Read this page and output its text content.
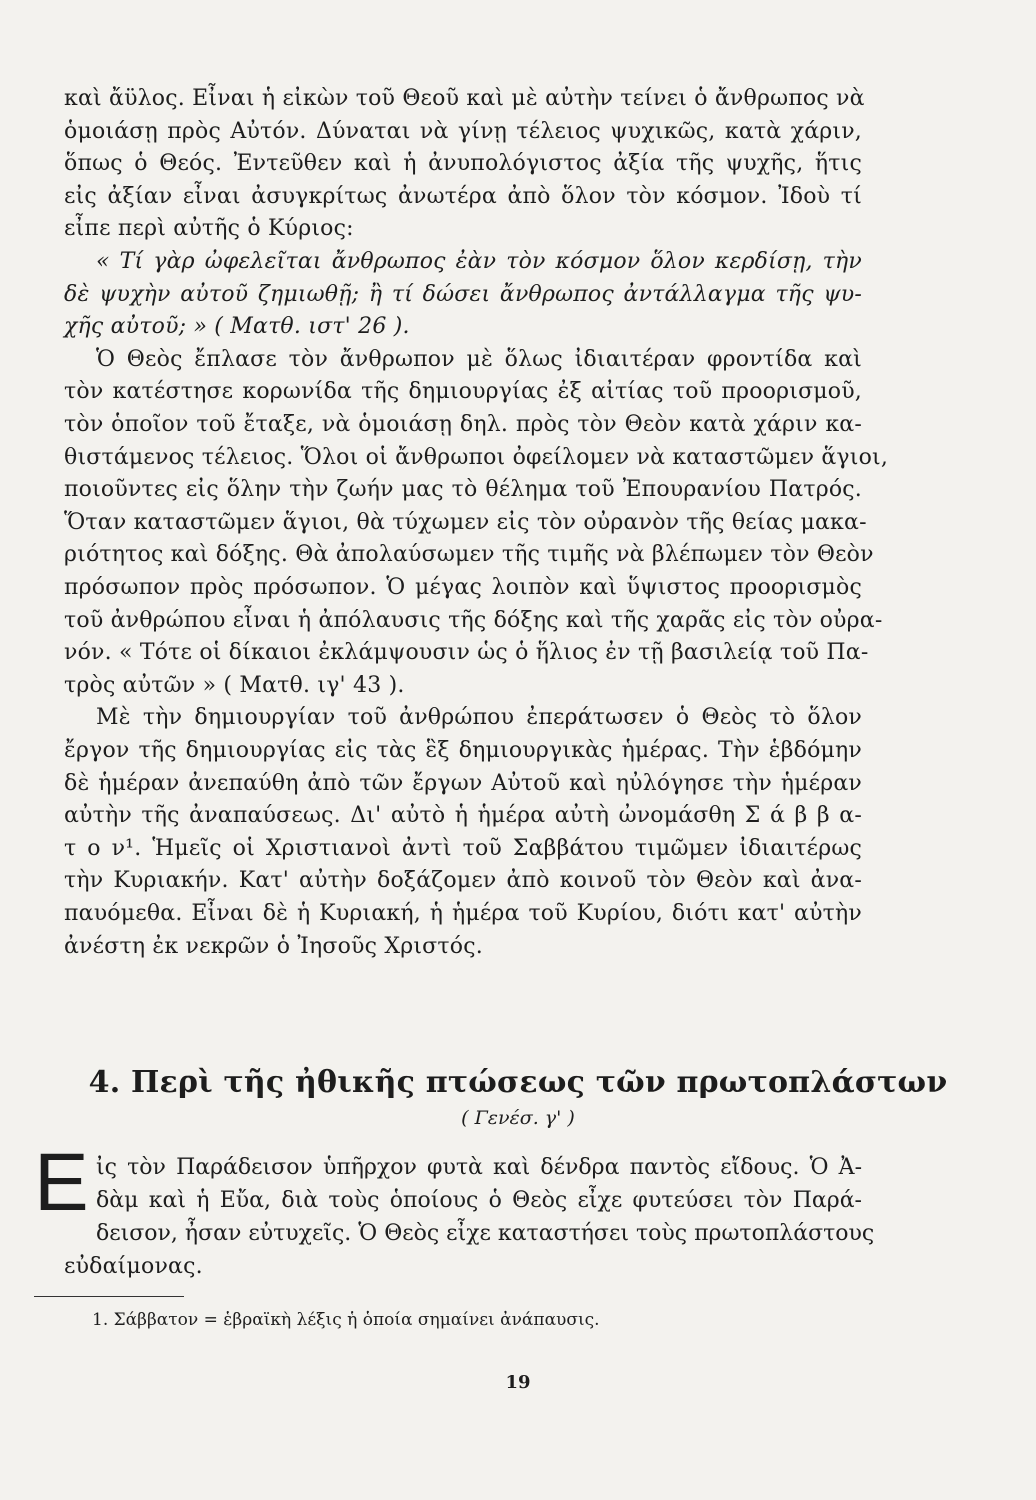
καὶ ἄϋλος. Εἶναι ἡ εἰκὼν τοῦ Θεοῦ καὶ μὲ αὐτὴν τείνει ὁ ἄνθρωπος νὰ
ὁμοιάσῃ πρὸς Αὐτόν. Δύναται νὰ γίνῃ τέλειος ψυχικῶς, κατὰ χάριν,
ὅπως ὁ Θεός. Ἐντεῦθεν καὶ ἡ ἀνυπολόγιστος ἀξία τῆς ψυχῆς, ἥτις
εἰς ἀξίαν εἶναι ἀσυγκρίτως ἀνωτέρα ἀπὸ ὅλον τὸν κόσμον. Ἰδοὺ τί
εἶπε περὶ αὐτῆς ὁ Κύριος:
« Τί γὰρ ὠφελεῖται ἄνθρωπος ἐὰν τὸν κόσμον ὅλον κερδίσῃ, τὴν
δὲ ψυχὴν αὐτοῦ ζημιωθῇ; ἢ τί δώσει ἄνθρωπος ἀντάλλαγμα τῆς ψυ-
χῆς αὐτοῦ; » ( Ματθ. ιστ' 26 ).
Ὁ Θεὸς ἔπλασε τὸν ἄνθρωπον μὲ ὅλως ἰδιαιτέραν φροντίδα καὶ
τὸν κατέστησε κορωνίδα τῆς δημιουργίας ἐξ αἰτίας τοῦ προορισμοῦ,
τὸν ὁποῖον τοῦ ἔταξε, νὰ ὁμοιάσῃ δηλ. πρὸς τὸν Θεὸν κατὰ χάριν κα-
θιστάμενος τέλειος. Ὅλοι οἱ ἄνθρωποι ὀφείλομεν νὰ καταστῶμεν ἅγιοι,
ποιοῦντες εἰς ὅλην τὴν ζωήν μας τὸ θέλημα τοῦ Ἐπουρανίου Πατρός.
Ὅταν καταστῶμεν ἅγιοι, θὰ τύχωμεν εἰς τὸν οὐρανὸν τῆς θείας μακα-
ριότητος καὶ δόξης. Θὰ ἀπολαύσωμεν τῆς τιμῆς νὰ βλέπωμεν τὸν Θεὸν
πρόσωπον πρὸς πρόσωπον. Ὁ μέγας λοιπὸν καὶ ὕψιστος προορισμὸς
τοῦ ἀνθρώπου εἶναι ἡ ἀπόλαυσις τῆς δόξης καὶ τῆς χαρᾶς εἰς τὸν οὐρα-
νόν. « Τότε οἱ δίκαιοι ἐκλάμψουσιν ὡς ὁ ἥλιος ἐν τῇ βασιλείᾳ τοῦ Πα-
τρὸς αὐτῶν » ( Ματθ. ιγ' 43 ).
Μὲ τὴν δημιουργίαν τοῦ ἀνθρώπου ἐπεράτωσεν ὁ Θεὸς τὸ ὅλον
ἔργον τῆς δημιουργίας εἰς τὰς ἓξ δημιουργικὰς ἡμέρας. Τὴν ἑβδόμην
δὲ ἡμέραν ἀνεπαύθη ἀπὸ τῶν ἔργων Αὐτοῦ καὶ ηὐλόγησε τὴν ἡμέραν
αὐτὴν τῆς ἀναπαύσεως. Δι' αὐτὸ ἡ ἡμέρα αὐτὴ ὠνομάσθη Σ ά β β α-
τ ο ν¹. Ἡμεῖς οἱ Χριστιανοὶ ἀντὶ τοῦ Σαββάτου τιμῶμεν ἰδιαιτέρως
τὴν Κυριακήν. Κατ' αὐτὴν δοξάζομεν ἀπὸ κοινοῦ τὸν Θεὸν καὶ ἀνα-
παυόμεθα. Εἶναι δὲ ἡ Κυριακή, ἡ ἡμέρα τοῦ Κυρίου, διότι κατ' αὐτὴν
ἀνέστη ἐκ νεκρῶν ὁ Ἰησοῦς Χριστός.
4. Περὶ τῆς ἠθικῆς πτώσεως τῶν πρωτοπλάστων
( Γενέσ. γ' )
Ε ἰς τὸν Παράδεισον ὑπῆρχον φυτὰ καὶ δένδρα παντὸς εἴδους. Ὁ Ἀ-
δὰμ καὶ ἡ Εὔα, διὰ τοὺς ὁποίους ὁ Θεὸς εἶχε φυτεύσει τὸν Παρά-
δεισον, ἦσαν εὐτυχεῖς. Ὁ Θεὸς εἶχε καταστήσει τοὺς πρωτοπλάστους
εὐδαίμονας.
1. Σάββατον = ἑβραϊκὴ λέξις ἡ ὁποία σημαίνει ἀνάπαυσις.
19
